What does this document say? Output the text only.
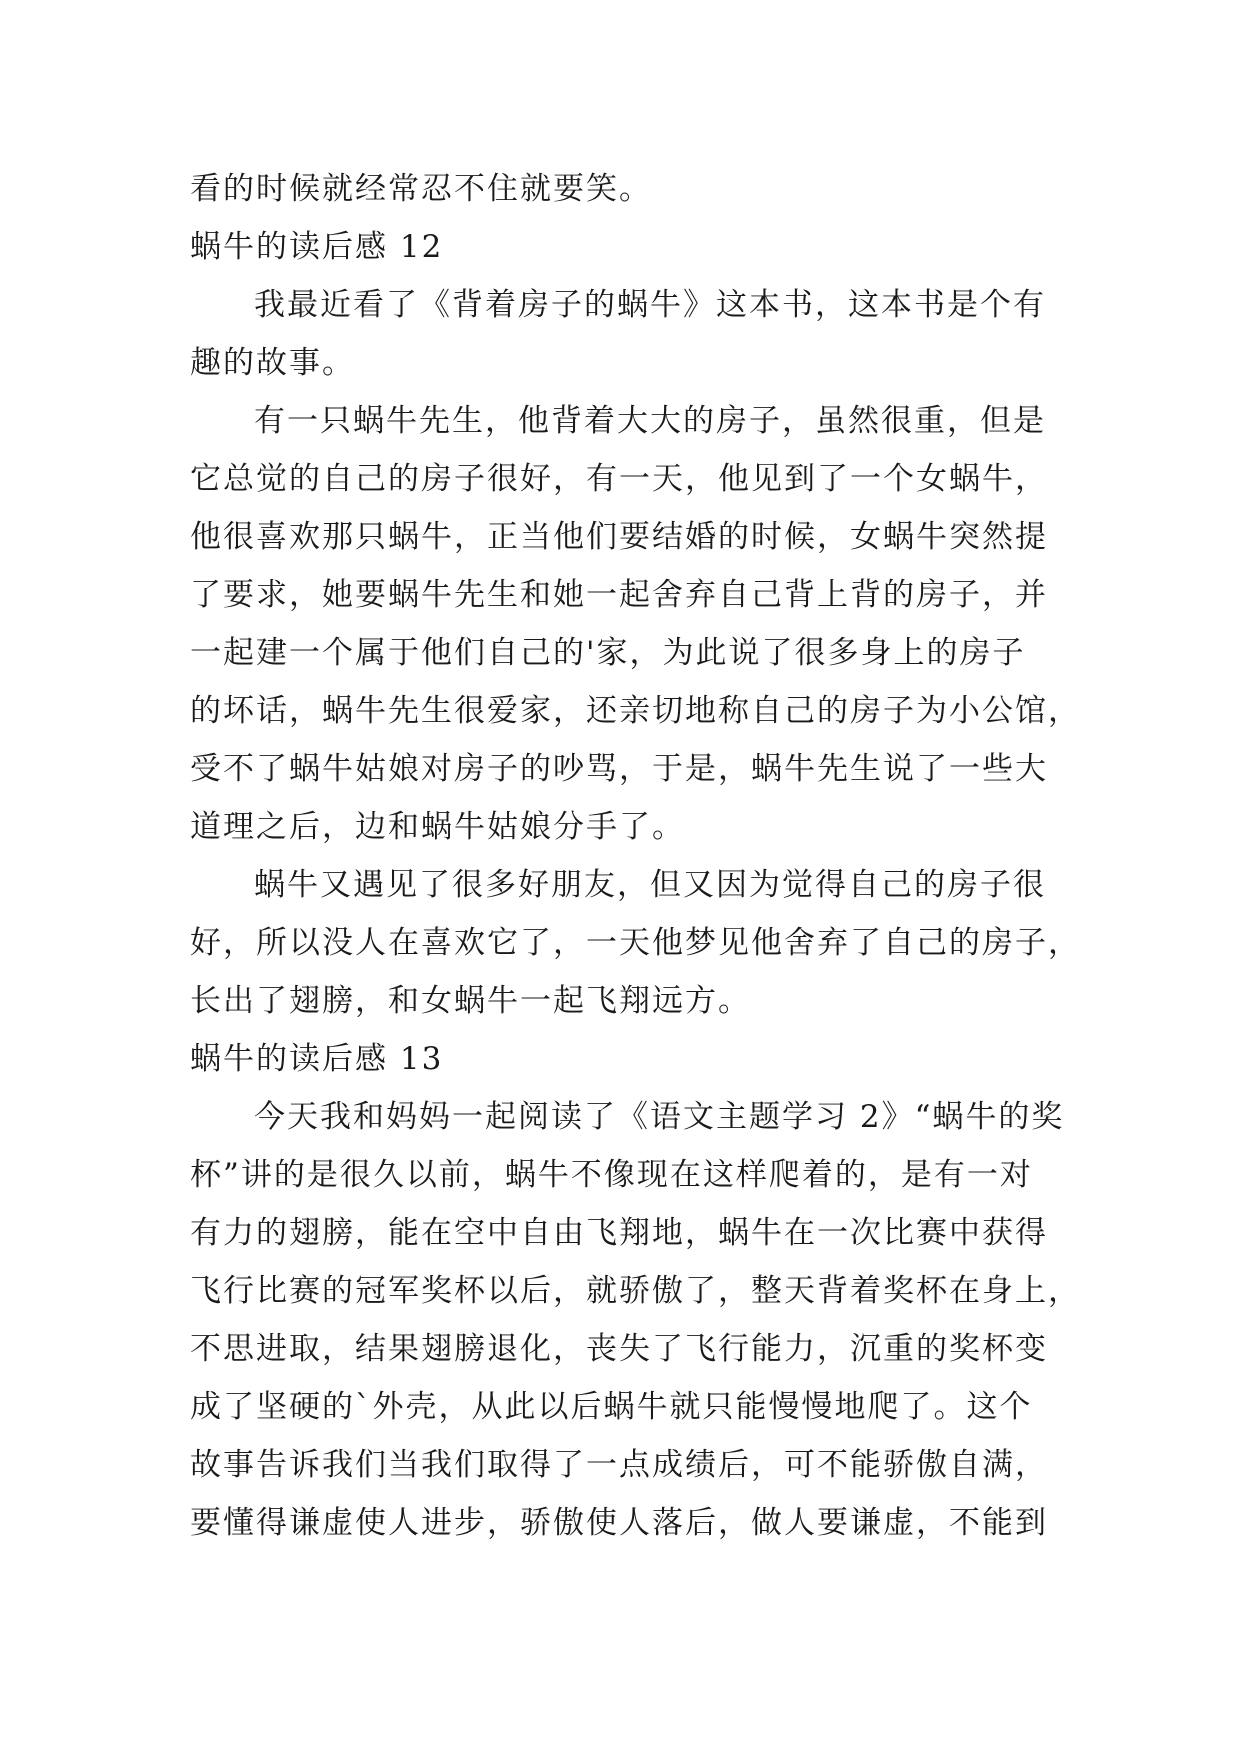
看的时候就经常忍不住就要笑。

蜗牛的读后感 12

我最近看了《背着房子的蜗牛》这本书，这本书是个有

趣的故事。

有一只蜗牛先生，他背着大大的房子，虽然很重，但是

它总觉的自己的房子很好，有一天，他见到了一个女蜗牛，

他很喜欢那只蜗牛，正当他们要结婚的时候，女蜗牛突然提

了要求，她要蜗牛先生和她一起舍弃自己背上背的房子，并

一起建一个属于他们自己的'家，为此说了很多身上的房子

的坏话，蜗牛先生很爱家，还亲切地称自己的房子为小公馆，

受不了蜗牛姑娘对房子的吵骂，于是，蜗牛先生说了一些大

道理之后，边和蜗牛姑娘分手了。

蜗牛又遇见了很多好朋友，但又因为觉得自己的房子很

好，所以没人在喜欢它了，一天他梦见他舍弃了自己的房子，

长出了翅膀，和女蜗牛一起飞翔远方。

蜗牛的读后感 13

今天我和妈妈一起阅读了《语文主题学习 2》“蜗牛的奖

杯”讲的是很久以前，蜗牛不像现在这样爬着的，是有一对

有力的翅膀，能在空中自由飞翔地，蜗牛在一次比赛中获得

飞行比赛的冠军奖杯以后，就骄傲了，整天背着奖杯在身上，

不思进取，结果翅膀退化，丧失了飞行能力，沉重的奖杯变

成了坚硬的`外壳，从此以后蜗牛就只能慢慢地爬了。这个

故事告诉我们当我们取得了一点成绩后，可不能骄傲自满，

要懂得谦虚使人进步，骄傲使人落后，做人要谦虚，不能到
